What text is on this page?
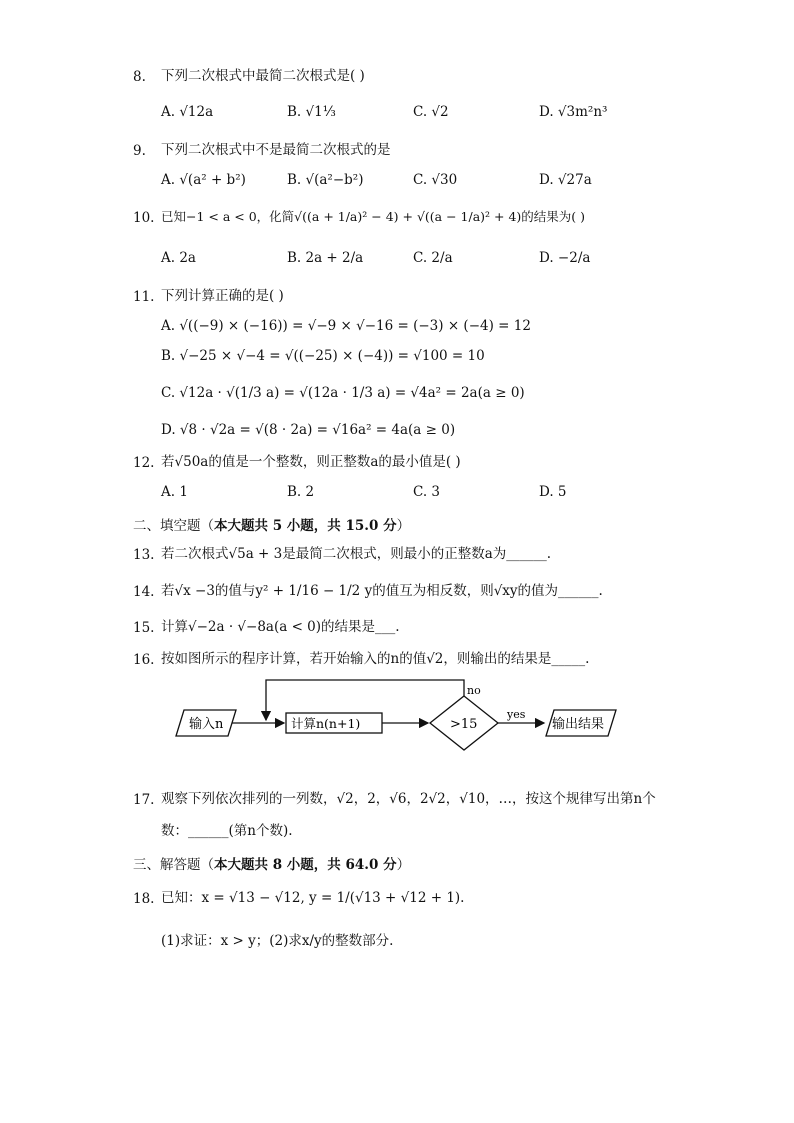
8. 下列二次根式中最简二次根式是( )
A. √12a	B. √1⅓	C. √2	D. √3m²n³
9. 下列二次根式中不是最简二次根式的是
A. √(a² + b²)	B. √(a²−b²)	C. √30	D. √27a
10. 已知−1 < a < 0，化简√((a + 1/a)² − 4) + √((a − 1/a)² + 4)的结果为( )
A. 2a	B. 2a + 2/a	C. 2/a	D. −2/a
11. 下列计算正确的是( )
A. √((−9) × (−16)) = √−9 × √−16 = (−3) × (−4) = 12
B. √−25 × √−4 = √((−25) × (−4)) = √100 = 10
C. √12a · √(1/3 a) = √(12a · 1/3 a) = √4a² = 2a(a ≥ 0)
D. √8 · √2a = √(8 · 2a) = √16a² = 4a(a ≥ 0)
12. 若√50a的值是一个整数，则正整数a的最小值是( )
A. 1	B. 2	C. 3	D. 5
二、填空题（本大题共 5 小题，共 15.0 分）
13. 若二次根式√5a + 3是最简二次根式，则最小的正整数a为______.
14. 若√x −3的值与y² + 1/16 − 1/2 y的值互为相反数，则√xy的值为______.
15. 计算√−2a · √−8a(a < 0)的结果是___.
16. 按如图所示的程序计算，若开始输入的n的值√2，则输出的结果是_____.
输入n	计算n(n+1)	>15
yes
输出结果
no
17. 观察下列依次排列的一列数，√2，2，√6，2√2，√10，…，按这个规律写出第n个
数：______(第n个数).
三、解答题（本大题共 8 小题，共 64.0 分）
18. 已知：x = √13 − √12, y = 1/(√13 + √12 + 1).
(1)求证：x > y；(2)求x/y的整数部分.
